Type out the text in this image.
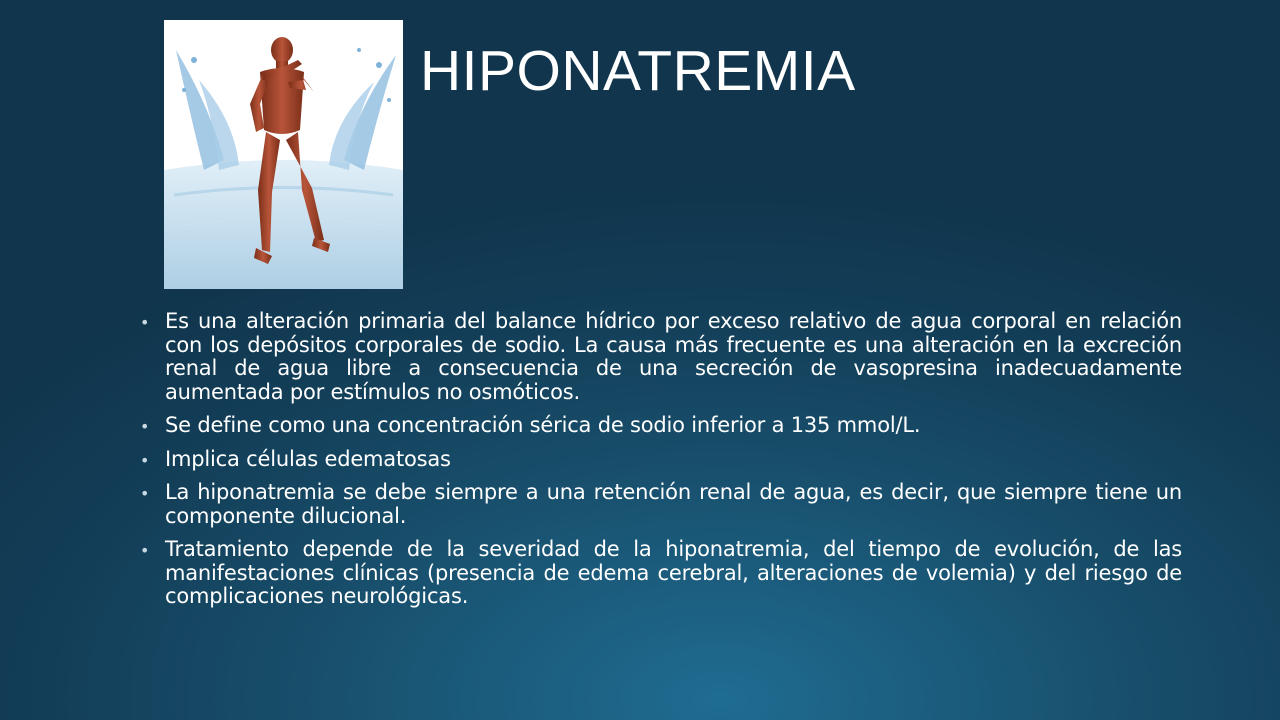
HIPONATREMIA
• Es una alteración primaria del balance hídrico por exceso relativo de agua corporal en relación con los depósitos corporales de sodio. La causa más frecuente es una alteración en la excreción renal de agua libre a consecuencia de una secreción de vasopresina inadecuadamente aumentada por estímulos no osmóticos.
• Se define como una concentración sérica de sodio inferior a 135 mmol/L.
• Implica células edematosas
• La hiponatremia se debe siempre a una retención renal de agua, es decir, que siempre tiene un componente dilucional.
• Tratamiento depende de la severidad de la hiponatremia, del tiempo de evolución, de las manifestaciones clínicas (presencia de edema cerebral, alteraciones de volemia) y del riesgo de complicaciones neurológicas.
